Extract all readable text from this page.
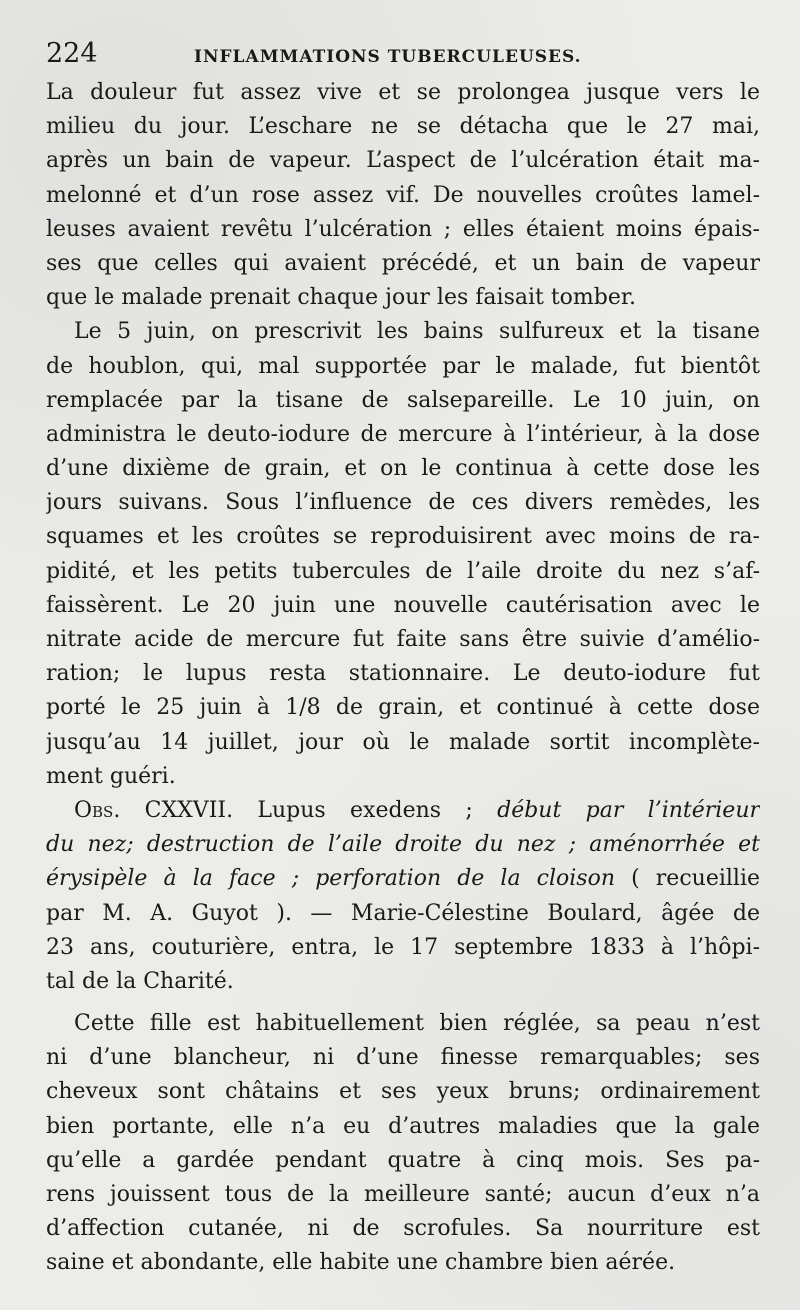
224	INFLAMMATIONS TUBERCULEUSES.
La douleur fut assez vive et se prolongea jusque vers le
milieu du jour. L’eschare ne se détacha que le 27 mai,
après un bain de vapeur. L’aspect de l’ulcération était ma-
melonné et d’un rose assez vif. De nouvelles croûtes lamel-
leuses avaient revêtu l’ulcération ; elles étaient moins épais-
ses que celles qui avaient précédé, et un bain de vapeur
que le malade prenait chaque jour les faisait tomber.
Le 5 juin, on prescrivit les bains sulfureux et la tisane
de houblon, qui, mal supportée par le malade, fut bientôt
remplacée par la tisane de salsepareille. Le 10 juin, on
administra le deuto-iodure de mercure à l’intérieur, à la dose
d’une dixième de grain, et on le continua à cette dose les
jours suivans. Sous l’influence de ces divers remèdes, les
squames et les croûtes se reproduisirent avec moins de ra-
pidité, et les petits tubercules de l’aile droite du nez s’af-
faissèrent. Le 20 juin une nouvelle cautérisation avec le
nitrate acide de mercure fut faite sans être suivie d’amélio-
ration; le lupus resta stationnaire. Le deuto-iodure fut
porté le 25 juin à 1/8 de grain, et continué à cette dose
jusqu’au 14 juillet, jour où le malade sortit incomplète-
ment guéri.
Obs. CXXVII. Lupus exedens ; début par l’intérieur
du nez; destruction de l’aile droite du nez ; aménorrhée et
érysipèle à la face ; perforation de la cloison ( recueillie
par M. A. Guyot ). — Marie-Célestine Boulard, âgée de
23 ans, couturière, entra, le 17 septembre 1833 à l’hôpi-
tal de la Charité.
Cette fille est habituellement bien réglée, sa peau n’est
ni d’une blancheur, ni d’une finesse remarquables; ses
cheveux sont châtains et ses yeux bruns; ordinairement
bien portante, elle n’a eu d’autres maladies que la gale
qu’elle a gardée pendant quatre à cinq mois. Ses pa-
rens jouissent tous de la meilleure santé; aucun d’eux n’a
d’affection cutanée, ni de scrofules. Sa nourriture est
saine et abondante, elle habite une chambre bien aérée.
